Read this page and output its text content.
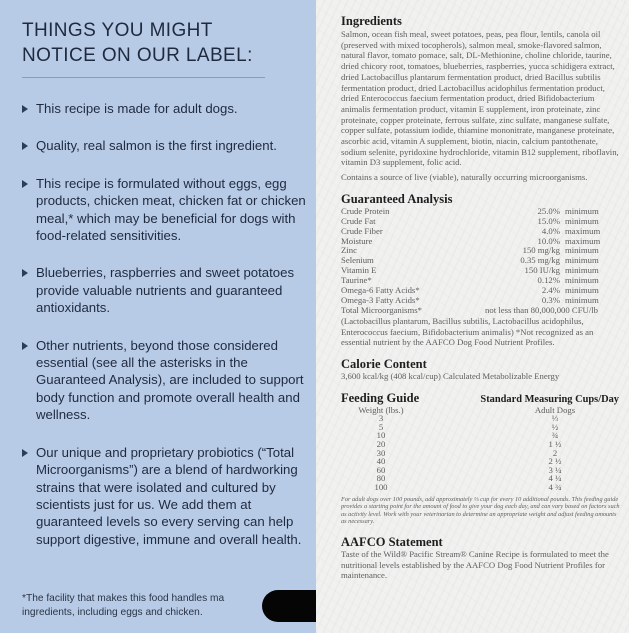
THINGS YOU MIGHT
NOTICE ON OUR LABEL:
This recipe is made for adult dogs.
Quality, real salmon is the first ingredient.
This recipe is formulated without eggs, egg products, chicken meat, chicken fat or chicken meal,* which may be beneficial for dogs with food-related sensitivities.
Blueberries, raspberries and sweet potatoes provide valuable nutrients and guaranteed antioxidants.
Other nutrients, beyond those considered essential (see all the asterisks in the Guaranteed Analysis), are included to support body function and promote overall health and wellness.
Our unique and proprietary probiotics (“Total Microorganisms”) are a blend of hardworking strains that were isolated and cultured by scientists just for us. We add them at guaranteed levels so every serving can help support digestive, immune and overall health.
*The facility that makes this food handles ma ingredients, including eggs and chicken.
Ingredients
Salmon, ocean fish meal, sweet potatoes, peas, pea flour, lentils, canola oil (preserved with mixed tocopherols), salmon meal, smoke-flavored salmon, natural flavor, tomato pomace, salt, DL-Methionine, choline chloride, taurine, dried chicory root, tomatoes, blueberries, raspberries, yucca schidigera extract, dried Lactobacillus plantarum fermentation product, dried Bacillus subtilis fermentation product, dried Lactobacillus acidophilus fermentation product, dried Enterococcus faecium fermentation product, dried Bifidobacterium animalis fermentation product, vitamin E supplement, iron proteinate, zinc proteinate, copper proteinate, ferrous sulfate, zinc sulfate, manganese sulfate, copper sulfate, potassium iodide, thiamine mononitrate, manganese proteinate, ascorbic acid, vitamin A supplement, biotin, niacin, calcium pantothenate, sodium selenite, pyridoxine hydrochloride, vitamin B12 supplement, riboflavin, vitamin D3 supplement, folic acid.
Contains a source of live (viable), naturally occurring microorganisms.
Guaranteed Analysis
Crude Protein	25.0%	minimum
Crude Fat	15.0%	minimum
Crude Fiber	4.0%	maximum
Moisture	10.0%	maximum
Zinc	150 mg/kg	minimum
Selenium	0.35 mg/kg	minimum
Vitamin E	150 IU/kg	minimum
Taurine*	0.12%	minimum
Omega-6 Fatty Acids*	2.4%	minimum
Omega-3 Fatty Acids*	0.3%	minimum
Total Microorganisms*	not less than 80,000,000 CFU/lb	
(Lactobacillus plantarum, Bacillus subtilis, Lactobacillus acidophilus, Enterococcus faecium, Bifidobacterium animalis) *Not recognized as an essential nutrient by the AAFCO Dog Food Nutrient Profiles.
Calorie Content
3,600 kcal/kg (408 kcal/cup) Calculated Metabolizable Energy
Feeding Guide	Standard Measuring Cups/Day
Weight (lbs.)		Adult Dogs
3		⅓
5		½
10		¾
20		1 ½
30		2
40		2 ½
60		3 ¼
80		4 ¼
100		4 ¾
For adult dogs over 100 pounds, add approximately ⅓ cup for every 10 additional pounds. This feeding guide provides a starting point for the amount of food to give your dog each day, and can vary based on factors such as activity level. Work with your veterinarian to determine an appropriate weight and adjust feeding amounts as necessary.
AAFCO Statement
Taste of the Wild® Pacific Stream® Canine Recipe is formulated to meet the nutritional levels established by the AAFCO Dog Food Nutrient Profiles for maintenance.
